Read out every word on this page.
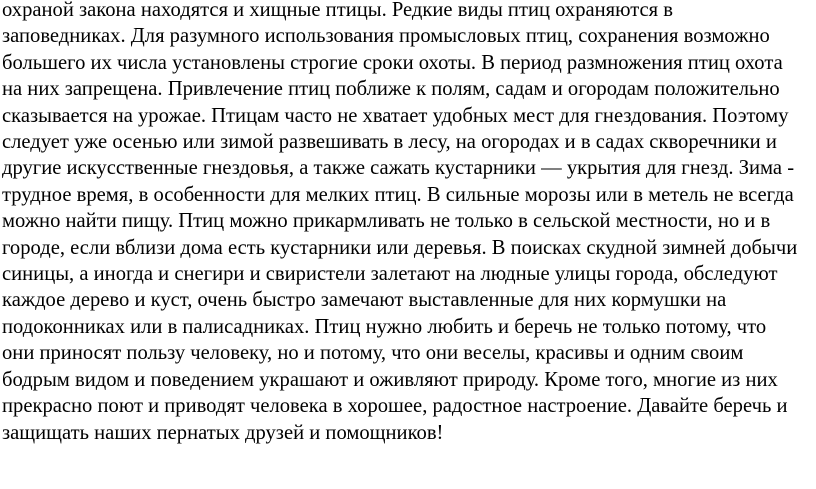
охраной закона находятся и хищные птицы. Редкие виды птиц охраняются в
заповедниках. Для разумного использования промысловых птиц, сохранения возможно
большего их числа установлены строгие сроки охоты. В период размножения птиц охота
на них запрещена. Привлечение птиц поближе к полям, садам и огородам положительно
сказывается на урожае. Птицам часто не хватает удобных мест для гнездования. Поэтому
следует уже осенью или зимой развешивать в лесу, на огородах и в садах скворечники и
другие искусственные гнездовья, а также сажать кустарники — укрытия для гнезд. Зима -
трудное время, в особенности для мелких птиц. В сильные морозы или в метель не всегда
можно найти пищу. Птиц можно прикармливать не только в сельской местности, но и в
городе, если вблизи дома есть кустарники или деревья. В поисках скудной зимней добычи
синицы, а иногда и снегири и свиристели залетают на людные улицы города, обследуют
каждое дерево и куст, очень быстро замечают выставленные для них кормушки на
подоконниках или в палисадниках. Птиц нужно любить и беречь не только потому, что
они приносят пользу человеку, но и потому, что они веселы, красивы и одним своим
бодрым видом и поведением украшают и оживляют природу. Кроме того, многие из них
прекрасно поют и приводят человека в хорошее, радостное настроение. Давайте беречь и
защищать наших пернатых друзей и помощников!
